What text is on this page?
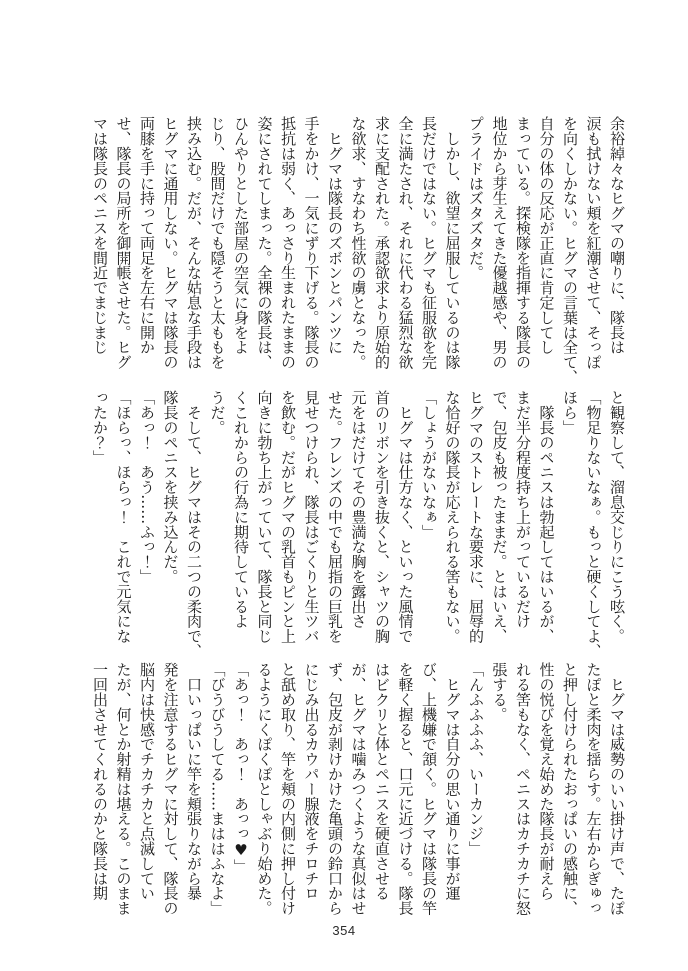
余裕綽々なヒグマの嘲りに、隊長は
涙も拭けない頬を紅潮させて、そっぽ
を向くしかない。ヒグマの言葉は全て、
自分の体の反応が正直に肯定してし
まっている。探検隊を指揮する隊長の
地位から芽生えてきた優越感や、男の
プライドはズタズタだ。
　しかし、欲望に屈服しているのは隊
長だけではない。ヒグマも征服欲を完
全に満たされ、それに代わる猛烈な欲
求に支配された。承認欲求より原始的
な欲求、すなわち性欲の虜となった。
　ヒグマは隊長のズボンとパンツに
手をかけ、一気にずり下げる。隊長の
抵抗は弱く、あっさり生まれたままの
姿にされてしまった。全裸の隊長は、
ひんやりとした部屋の空気に身をよ
じり、股間だけでも隠そうと太ももを
挟み込む。だが、そんな姑息な手段は
ヒグマに通用しない。ヒグマは隊長の
両膝を手に持って両足を左右に開か
せ、隊長の局所を御開帳させた。ヒグ
マは隊長のペニスを間近でまじまじ
と観察して、溜息交じりにこう呟く。
「物足りないなぁ。もっと硬くしてよ、
ほら」
　隊長のペニスは勃起してはいるが、
まだ半分程度持ち上がっているだけ
で、包皮も被ったままだ。とはいえ、
ヒグマのストレートな要求に、屈辱的
な恰好の隊長が応えられる筈もない。
「しょうがないなぁ」
　ヒグマは仕方なく、といった風情で
首のリボンを引き抜くと、シャツの胸
元をはだけてその豊満な胸を露出さ
せた。フレンズの中でも屈指の巨乳を
見せつけられ、隊長はごくりと生ツバ
を飲む。だがヒグマの乳首もピンと上
向きに勃ち上がっていて、隊長と同じ
くこれからの行為に期待しているよ
うだ。
　そして、ヒグマはその二つの柔肉で、
隊長のペニスを挟み込んだ。
「あっ！　あう……ふっ！」
「ほらっ、ほらっ！　これで元気にな
ったか？」
　ヒグマは威勢のいい掛け声で、たぽ
たぽと柔肉を揺らす。左右からぎゅっ
と押し付けられたおっぱいの感触に、
性の悦びを覚え始めた隊長が耐えら
れる筈もなく、ペニスはカチカチに怒
張する。
「んふふふふ、いーカンジ」
　ヒグマは自分の思い通りに事が運
び、上機嫌で頷く。ヒグマは隊長の竿
を軽く握ると、口元に近づける。隊長
はビクリと体とペニスを硬直させる
が、ヒグマは噛みつくような真似はせ
ず、包皮が剥けかけた亀頭の鈴口から
にじみ出るカウパー腺液をチロチロ
と舐め取り、竿を頬の内側に押し付け
るようにくぽくぽとしゃぶり始めた。
「あっ！　あっ！　あっっ♥」
「びうびうしてる……まははふなよ」
　口いっぱいに竿を頬張りながら暴
発を注意するヒグマに対して、隊長の
脳内は快感でチカチカと点滅してい
たが、何とか射精は堪える。このまま
一回出させてくれるのかと隊長は期
354
